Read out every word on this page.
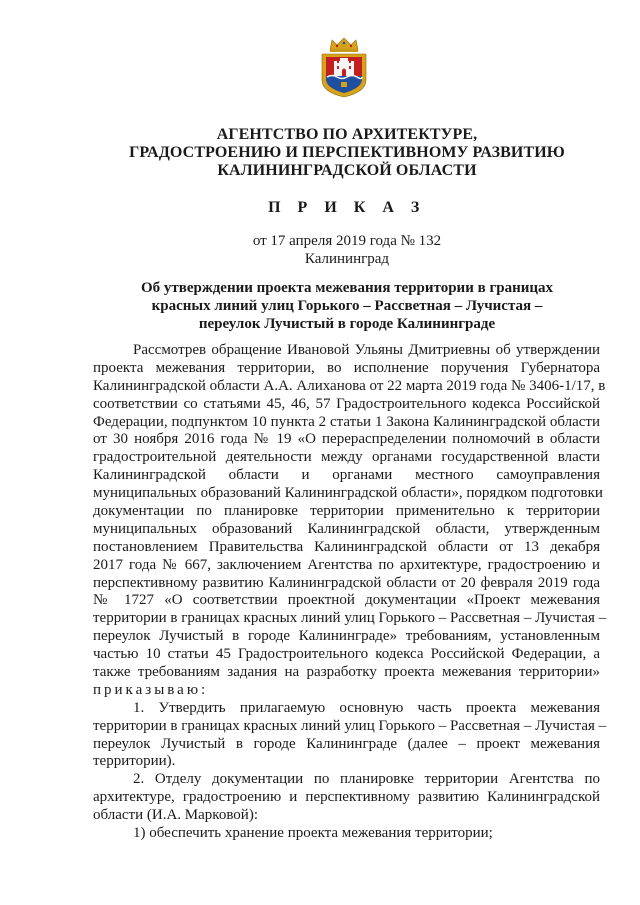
АГЕНТСТВО ПО АРХИТЕКТУРЕ,
ГРАДОСТРОЕНИЮ И ПЕРСПЕКТИВНОМУ РАЗВИТИЮ
КАЛИНИНГРАДСКОЙ ОБЛАСТИ
П Р И К А З
от 17 апреля 2019 года № 132
Калининград
Об утверждении проекта межевания территории в границах
красных линий улиц Горького – Рассветная – Лучистая –
переулок Лучистый в городе Калининграде
Рассмотрев обращение Ивановой Ульяны Дмитриевны об утверждении
проекта межевания территории, во исполнение поручения Губернатора
Калининградской области А.А. Алиханова от 22 марта 2019 года № 3406-1/17, в
соответствии со статьями 45, 46, 57 Градостроительного кодекса Российской
Федерации, подпунктом 10 пункта 2 статьи 1 Закона Калининградской области
от 30 ноября 2016 года № 19 «О перераспределении полномочий в области
градостроительной деятельности между органами государственной власти
Калининградской области и органами местного самоуправления
муниципальных образований Калининградской области», порядком подготовки
документации по планировке территории применительно к территории
муниципальных образований Калининградской области, утвержденным
постановлением Правительства Калининградской области от 13 декабря
2017 года № 667, заключением Агентства по архитектуре, градостроению и
перспективному развитию Калининградской области от 20 февраля 2019 года
№ 1727 «О соответствии проектной документации «Проект межевания
территории в границах красных линий улиц Горького – Рассветная – Лучистая –
переулок Лучистый в городе Калининграде» требованиям, установленным
частью 10 статьи 45 Градостроительного кодекса Российской Федерации, а
также требованиям задания на разработку проекта межевания территории»
приказываю:
1. Утвердить прилагаемую основную часть проекта межевания
территории в границах красных линий улиц Горького – Рассветная – Лучистая –
переулок Лучистый в городе Калининграде (далее – проект межевания
территории).
2. Отделу документации по планировке территории Агентства по
архитектуре, градостроению и перспективному развитию Калининградской
области (И.А. Марковой):
1) обеспечить хранение проекта межевания территории;
